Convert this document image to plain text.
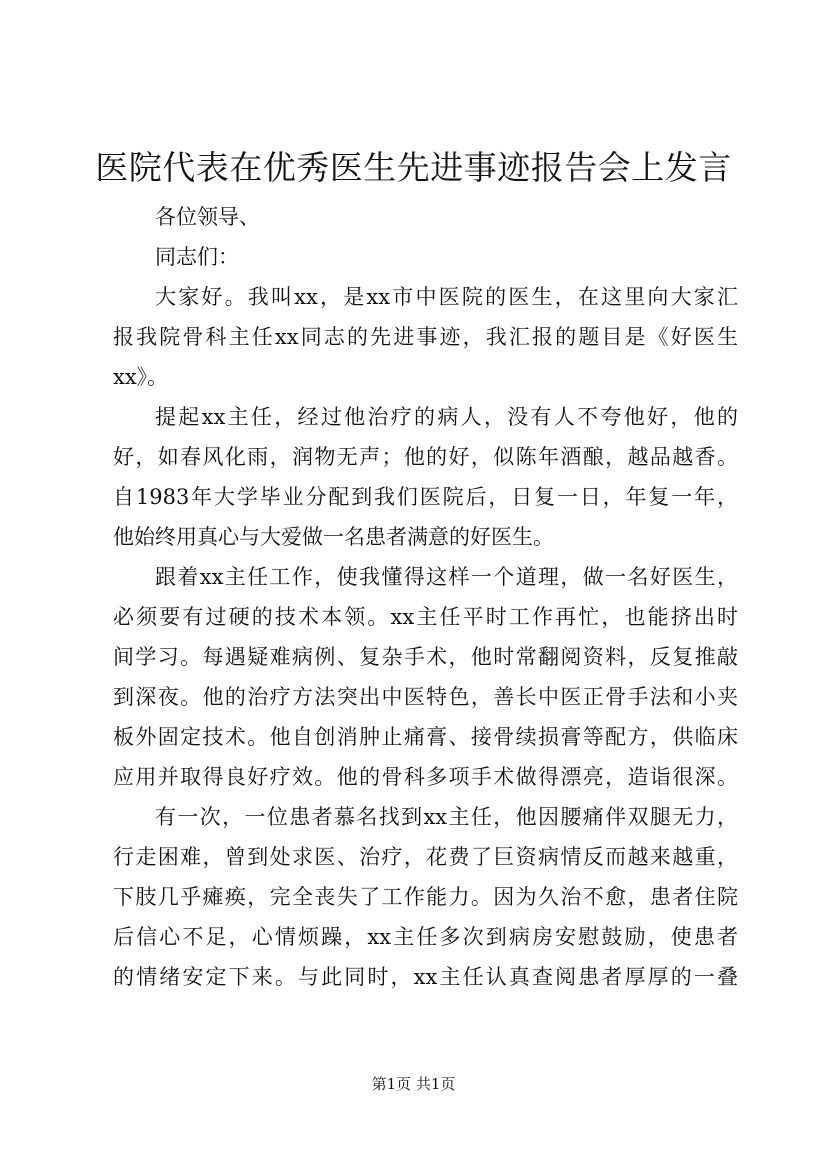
医院代表在优秀医生先进事迹报告会上发言
各位领导、
同志们：
大家好。我叫xx，是xx市中医院的医生，在这里向大家汇
报我院骨科主任xx同志的先进事迹，我汇报的题目是《好医生
xx》。
提起xx主任，经过他治疗的病人，没有人不夸他好，他的
好，如春风化雨，润物无声；他的好，似陈年酒酿，越品越香。
自1983年大学毕业分配到我们医院后，日复一日，年复一年，
他始终用真心与大爱做一名患者满意的好医生。
跟着xx主任工作，使我懂得这样一个道理，做一名好医生，
必须要有过硬的技术本领。xx主任平时工作再忙，也能挤出时
间学习。每遇疑难病例、复杂手术，他时常翻阅资料，反复推敲
到深夜。他的治疗方法突出中医特色，善长中医正骨手法和小夹
板外固定技术。他自创消肿止痛膏、接骨续损膏等配方，供临床
应用并取得良好疗效。他的骨科多项手术做得漂亮，造诣很深。
有一次，一位患者慕名找到xx主任，他因腰痛伴双腿无力，
行走困难，曾到处求医、治疗，花费了巨资病情反而越来越重，
下肢几乎瘫痪，完全丧失了工作能力。因为久治不愈，患者住院
后信心不足，心情烦躁，xx主任多次到病房安慰鼓励，使患者
的情绪安定下来。与此同时，xx主任认真查阅患者厚厚的一叠
第1页 共1页
